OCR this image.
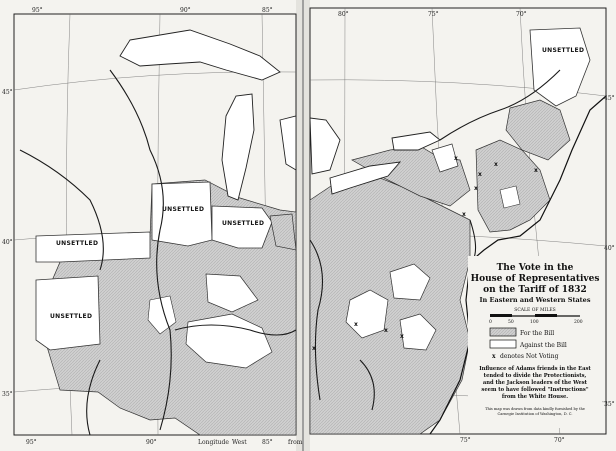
95°	90°	85°
95°	90°	85°
Longitude West	from
45°
40°
35°
80°	75°	70°
75°	70°
45°
40°
35°
UNSETTLED
UNSETTLED
UNSETTLED
UNSETTLED
UNSETTLED
x
x
x
x
x
x
x
x
x
x
The Vote in the
House of Representatives
on the Tariff of 1832
In Eastern and Western States
SCALE OF MILES
0	50	100	200
For the Bill
Against the Bill
x denotes Not Voting
Influence of Adams friends in the East
tended to divide the Protectionists,
and the Jackson leaders of the West
seem to have followed "Instructions"
from the White House.
This map was drawn from data kindly furnished by the
Carnegie Institution of Washington, D. C.
